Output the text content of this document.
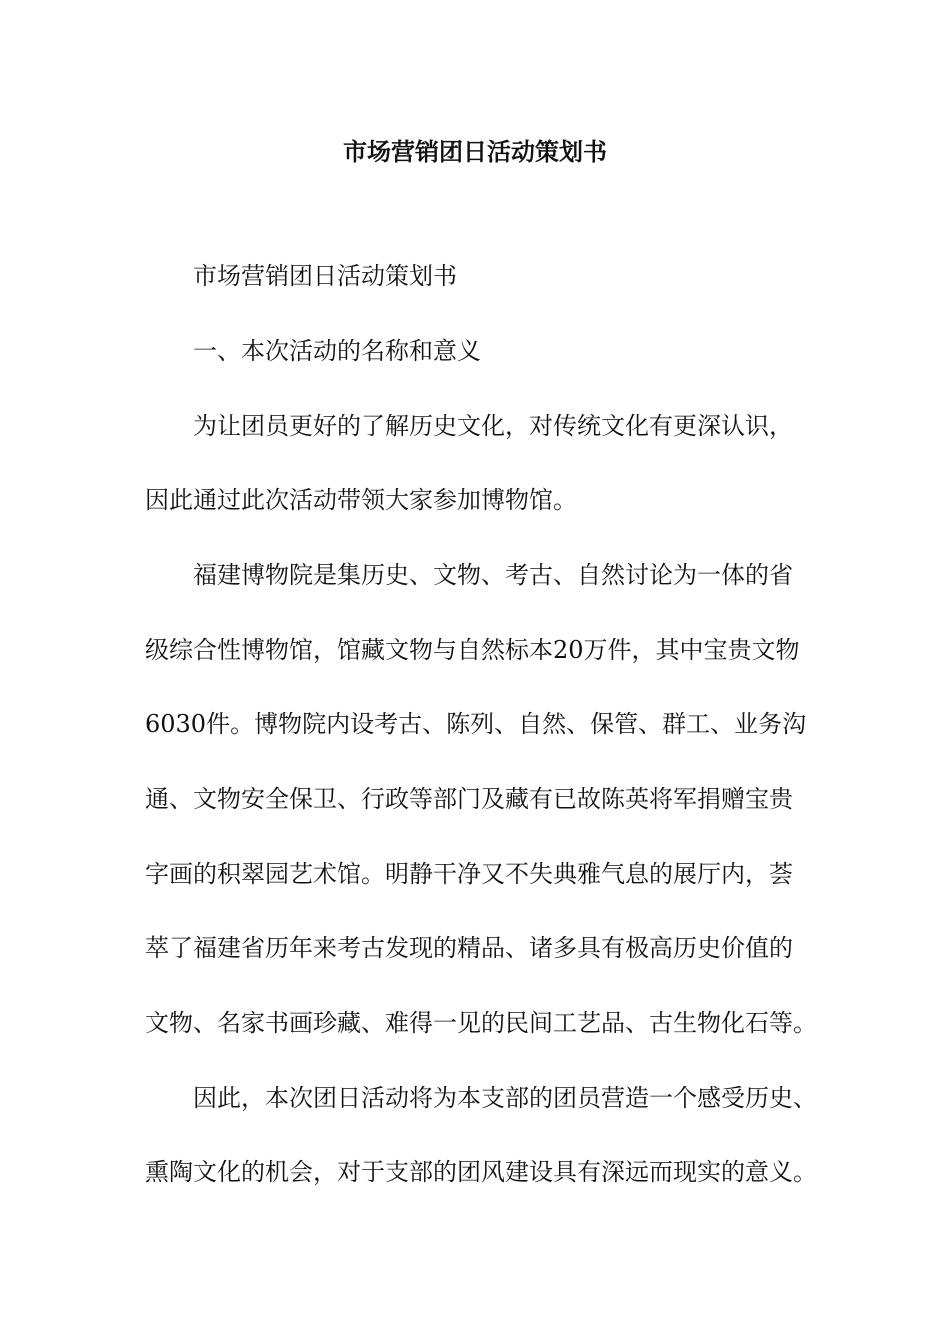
市场营销团日活动策划书
市场营销团日活动策划书
一、本次活动的名称和意义
为让团员更好的了解历史文化，对传统文化有更深认识，
因此通过此次活动带领大家参加博物馆。
福建博物院是集历史、文物、考古、自然讨论为一体的省
级综合性博物馆，馆藏文物与自然标本20万件，其中宝贵文物
6030件。博物院内设考古、陈列、自然、保管、群工、业务沟
通、文物安全保卫、行政等部门及藏有已故陈英将军捐赠宝贵
字画的积翠园艺术馆。明静干净又不失典雅气息的展厅内，荟
萃了福建省历年来考古发现的精品、诸多具有极高历史价值的
文物、名家书画珍藏、难得一见的民间工艺品、古生物化石等。
因此，本次团日活动将为本支部的团员营造一个感受历史、
熏陶文化的机会，对于支部的团风建设具有深远而现实的意义。
